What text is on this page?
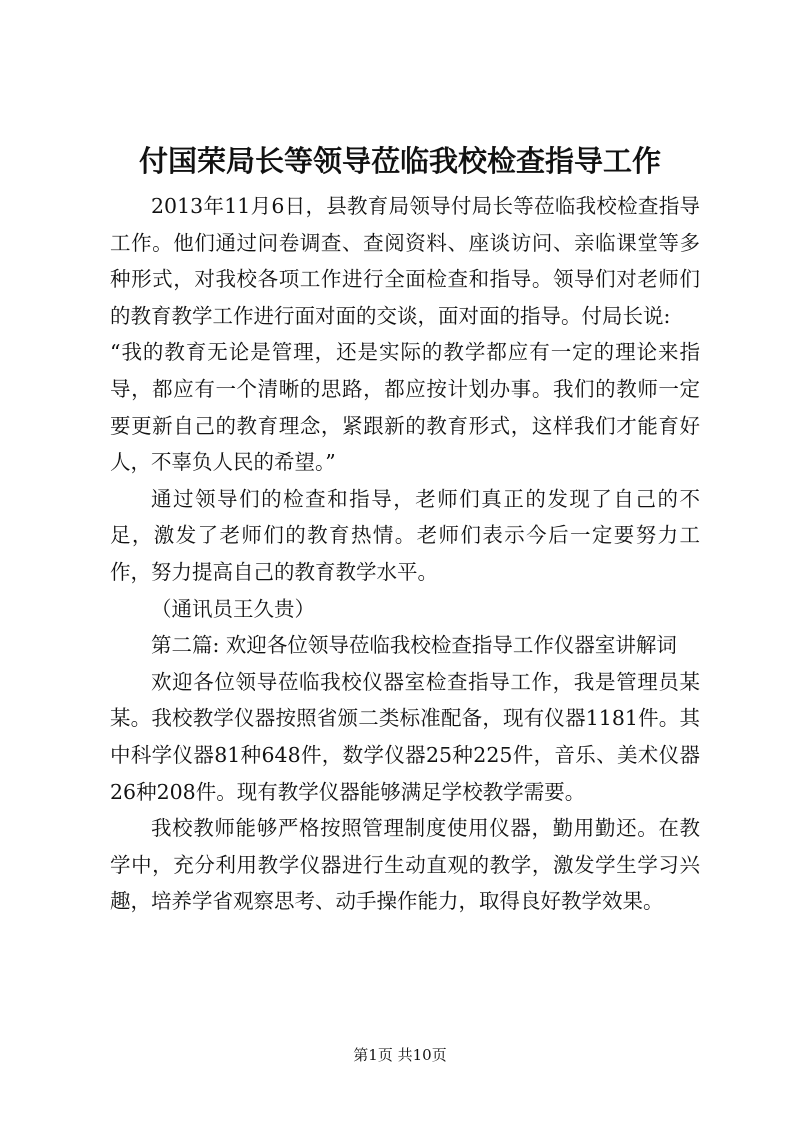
付国荣局长等领导莅临我校检查指导工作

2013年11月6日，县教育局领导付局长等莅临我校检查指导工作。他们通过问卷调查、查阅资料、座谈访问、亲临课堂等多种形式，对我校各项工作进行全面检查和指导。领导们对老师们的教育教学工作进行面对面的交谈，面对面的指导。付局长说:

“我的教育无论是管理，还是实际的教学都应有一定的理论来指导，都应有一个清晰的思路，都应按计划办事。我们的教师一定要更新自己的教育理念，紧跟新的教育形式，这样我们才能育好人，不辜负人民的希望。”

通过领导们的检查和指导，老师们真正的发现了自己的不足，激发了老师们的教育热情。老师们表示今后一定要努力工作，努力提高自己的教育教学水平。

（通讯员王久贵）

第二篇: 欢迎各位领导莅临我校检查指导工作仪器室讲解词

欢迎各位领导莅临我校仪器室检查指导工作，我是管理员某某。我校教学仪器按照省颁二类标准配备，现有仪器1181件。其中科学仪器81种648件，数学仪器25种225件，音乐、美术仪器26种208件。现有教学仪器能够满足学校教学需要。

我校教师能够严格按照管理制度使用仪器，勤用勤还。在教学中，充分利用教学仪器进行生动直观的教学，激发学生学习兴趣，培养学省观察思考、动手操作能力，取得良好教学效果。

第1页 共10页
